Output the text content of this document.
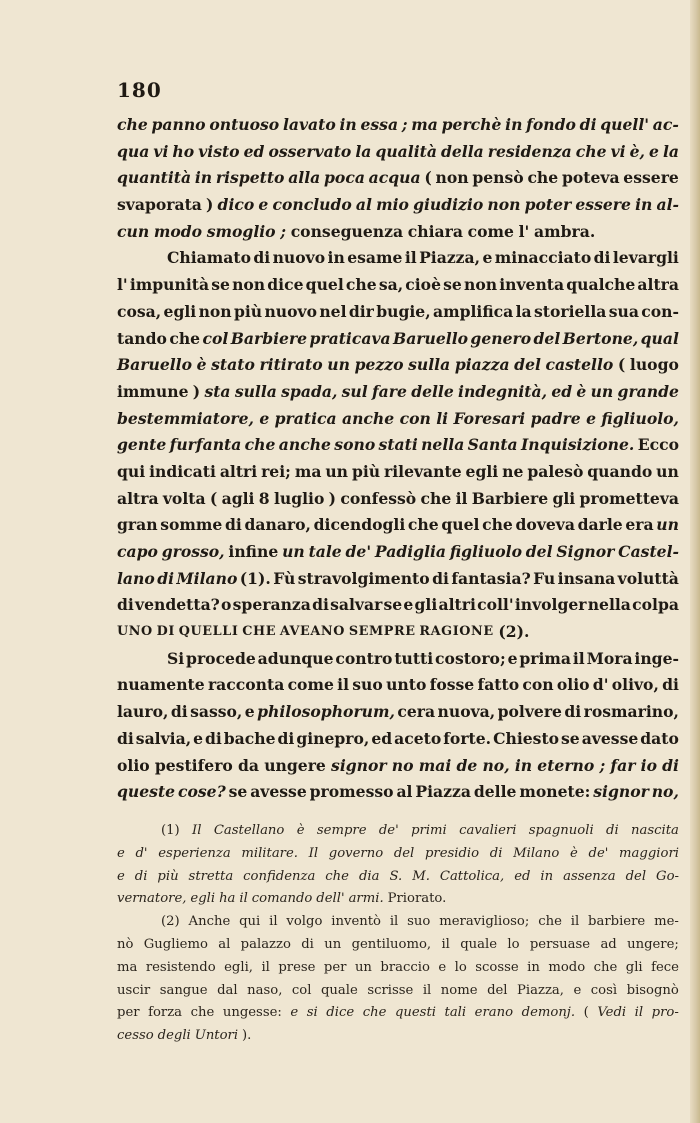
180
che panno ontuoso lavato in essa ; ma perchè in fondo di quell' ac-
qua vi ho visto ed osservato la qualità della residenza che vi è, e la
quantità in rispetto alla poca acqua ( non pensò che poteva essere
svaporata ) dico e concludo al mio giudizio non poter essere in al-
cun modo smoglio ; conseguenza chiara come l' ambra.
Chiamato di nuovo in esame il Piazza, e minacciato di levargli
l' impunità se non dice quel che sa, cioè se non inventa qualche altra
cosa, egli non più nuovo nel dir bugie, amplifica la storiella sua con-
tando che col Barbiere praticava Baruello genero del Bertone, qual
Baruello è stato ritirato un pezzo sulla piazza del castello ( luogo
immune ) sta sulla spada, sul fare delle indegnità, ed è un grande
bestemmiatore, e pratica anche con li Foresari padre e figliuolo,
gente furfanta che anche sono stati nella Santa Inquisizione. Ecco
qui indicati altri rei; ma un più rilevante egli ne palesò quando un
altra volta ( agli 8 luglio ) confessò che il Barbiere gli prometteva
gran somme di danaro, dicendogli che quel che doveva darle era un
capo grosso, infine un tale de' Padiglia figliuolo del Signor Castel-
lano di Milano (1). Fù stravolgimento di fantasia? Fu insana voluttà
di vendetta? o speranza di salvar se e gli altri coll' involger nella colpa
UNO DI QUELLI CHE AVEANO SEMPRE RAGIONE (2).
Si procede adunque contro tutti costoro; e prima il Mora inge-
nuamente racconta come il suo unto fosse fatto con olio d' olivo, di
lauro, di sasso, e philosophorum, cera nuova, polvere di rosmarino,
di salvia, e di bache di ginepro, ed aceto forte. Chiesto se avesse dato
olio pestifero da ungere signor no mai de no, in eterno ; far io di
queste cose? se avesse promesso al Piazza delle monete: signor no,
(1) Il Castellano è sempre de' primi cavalieri spagnuoli di nascita
e d' esperienza militare. Il governo del presidio di Milano è de' maggiori
e di più stretta confidenza che dia S. M. Cattolica, ed in assenza del Go-
vernatore, egli ha il comando dell' armi. Priorato.
(2) Anche qui il volgo inventò il suo meraviglioso; che il barbiere me-
nò Gugliemo al palazzo di un gentiluomo, il quale lo persuase ad ungere;
ma resistendo egli, il prese per un braccio e lo scosse in modo che gli fece
uscir sangue dal naso, col quale scrisse il nome del Piazza, e così bisognò
per forza che ungesse: e si dice che questi tali erano demonj. ( Vedi il pro-
cesso degli Untori ).
